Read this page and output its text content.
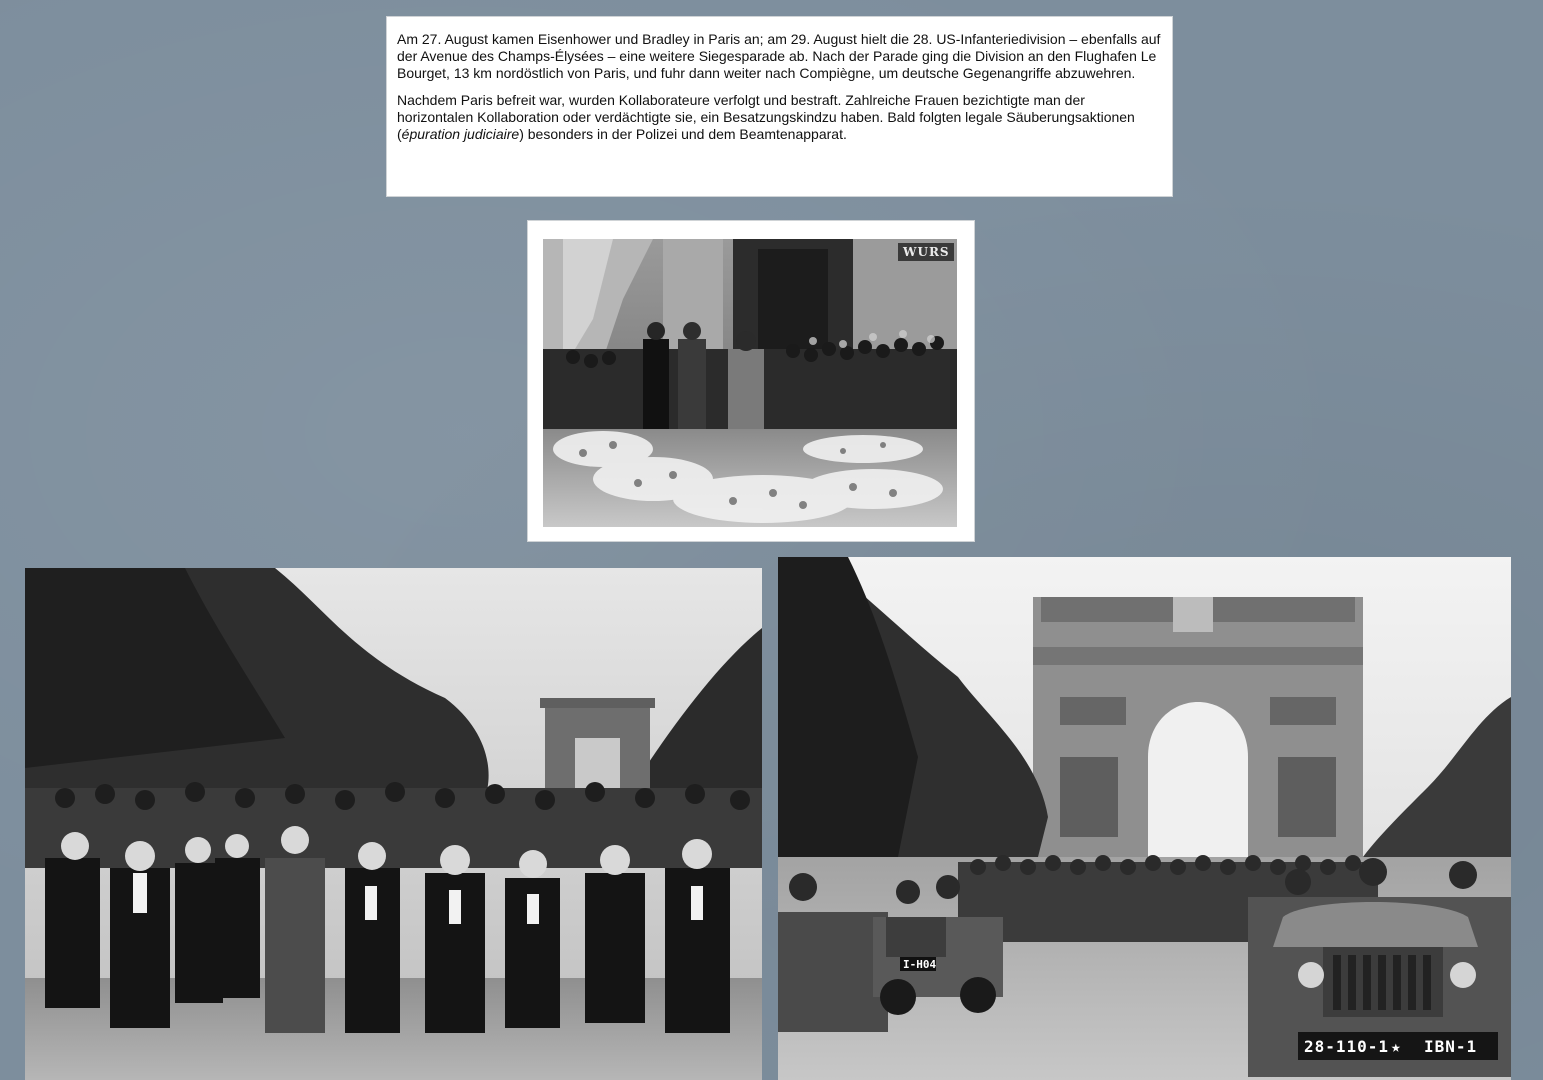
Am 27. August kamen Eisenhower und Bradley in Paris an; am 29. August hielt die 28. US-Infanteriedivision – ebenfalls auf der Avenue des Champs-Élysées – eine weitere Siegesparade ab. Nach der Parade ging die Division an den Flughafen Le Bourget, 13 km nordöstlich von Paris, und fuhr dann weiter nach Compiègne, um deutsche Gegenangriffe abzuwehren.

Nachdem Paris befreit war, wurden Kollaborateure verfolgt und bestraft. Zahlreiche Frauen bezichtigte man der horizontalen Kollaboration oder verdächtigte sie, ein Besatzungskindzu haben. Bald folgten legale Säuberungsaktionen (épuration judiciaire) besonders in der Polizei und dem Beamtenapparat.

WURS
I-H04
28-110-1 ★ IBN-1
